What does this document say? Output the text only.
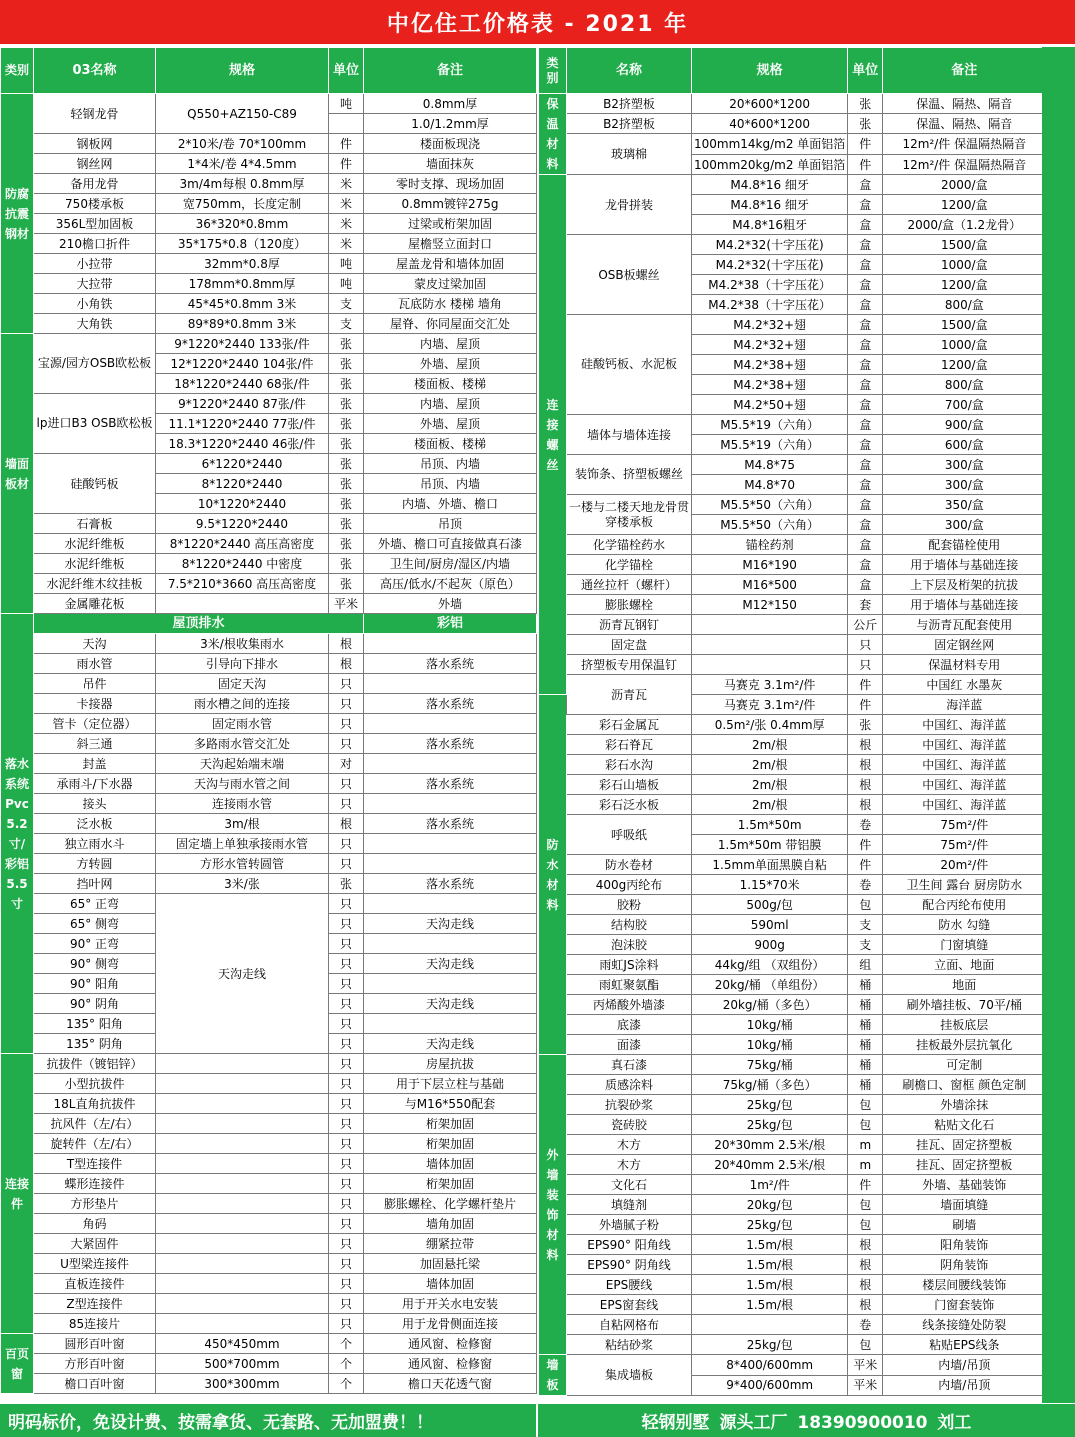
中亿住工价格表 - 2021 年
类别	03名称	规格	单位	备注
防腐抗震钢材	轻钢龙骨	Q550+AZ150-C89	吨	0.8mm厚
				1.0/1.2mm厚
	钢板网	2*10米/卷 70*100mm	件	楼面板现浇
	钢丝网	1*4米/卷 4*4.5mm	件	墙面抹灰
	备用龙骨	3m/4m每根 0.8mm厚	米	零时支撑、现场加固
	750楼承板	宽750mm，长度定制	米	0.8mm镀锌275g
	356L型加固板	36*320*0.8mm	米	过梁或桁架加固
	210檐口折件	35*175*0.8（120度）	米	屋檐竖立面封口
	小拉带	32mm*0.8厚	吨	屋盖龙骨和墙体加固
	大拉带	178mm*0.8mm厚	吨	蒙皮过梁加固
	小角铁	45*45*0.8mm 3米	支	瓦底防水 楼梯 墙角
	大角铁	89*89*0.8mm 3米	支	屋脊、你同屋面交汇处
墙面板材	宝源/园方OSB欧松板	9*1220*2440 133张/件	张	内墙、屋顶
		12*1220*2440 104张/件	张	外墙、屋顶
		18*1220*2440 68张/件	张	楼面板、楼梯
	lp进口B3 OSB欧松板	9*1220*2440 87张/件	张	内墙、屋顶
		11.1*1220*2440 77张/件	张	外墙、屋顶
		18.3*1220*2440 46张/件	张	楼面板、楼梯
	硅酸钙板	6*1220*2440	张	吊顶、内墙
		8*1220*2440	张	吊顶、内墙
		10*1220*2440	张	内墙、外墙、檐口
	石膏板	9.5*1220*2440	张	吊顶
	水泥纤维板	8*1220*2440 高压高密度	张	外墙、檐口可直接做真石漆
	水泥纤维板	8*1220*2440 中密度	张	卫生间/厨房/湿区/内墙
	水泥纤维木纹挂板	7.5*210*3660 高压高密度	张	高压/低水/不起灰（原色）
	金属雕花板		平米	外墙
落水系统Pvc5.2寸/彩铝5.5寸	屋顶排水			彩铝
	天沟	3米/根收集雨水	根	
	雨水管	引导向下排水	根	落水系统
	吊件	固定天沟	只	
	卡接器	雨水槽之间的连接	只	落水系统
	管卡（定位器）	固定雨水管	只	
	斜三通	多路雨水管交汇处	只	落水系统
	封盖	天沟起始端末端	对	
	承雨斗/下水器	天沟与雨水管之间	只	落水系统
	接头	连接雨水管	只	
	泛水板	3m/根	根	落水系统
	独立雨水斗	固定墙上单独承接雨水管	只	
	方转圆	方形水管转圆管	只	
	挡叶网	3米/张	张	落水系统
	65° 正弯	天沟走线	只	
	65° 侧弯		只	天沟走线
	90° 正弯		只	
	90° 侧弯		只	天沟走线
	90° 阳角		只	
	90° 阴角		只	天沟走线
	135° 阳角		只	
	135° 阴角		只	天沟走线
连接件	抗拔件（镀铝锌）		只	房屋抗拔
	小型抗拔件		只	用于下层立柱与基础
	18L直角抗拔件		只	与M16*550配套
	抗风件（左/右）		只	桁架加固
	旋转件（左/右）		只	桁架加固
	T型连接件		只	墙体加固
	蝶形连接件		只	桁架加固
	方形垫片		只	膨胀螺栓、化学螺杆垫片
	角码		只	墙角加固
	大紧固件		只	绷紧拉带
	U型梁连接件		只	加固悬托梁
	直板连接件		只	墙体加固
	Z型连接件		只	用于开关水电安装
	85连接片		只	用于龙骨侧面连接
百页窗	圆形百叶窗	450*450mm	个	通风窗、检修窗
	方形百叶窗	500*700mm	个	通风窗、检修窗
	檐口百叶窗	300*300mm	个	檐口天花透气窗
类别	名称	规格	单位	备注
保温材料	B2挤塑板	20*600*1200	张	保温、隔热、隔音
	B2挤塑板	40*600*1200	张	保温、隔热、隔音
	玻璃棉	100mm14kg/m2 单面铝箔	件	12m²/件 保温隔热隔音
		100mm20kg/m2 单面铝箔	件	12m²/件 保温隔热隔音
连接螺丝	龙骨拼装	M4.8*16 细牙	盒	2000/盒
		M4.8*16 细牙	盒	1200/盒
		M4.8*16粗牙	盒	2000/盒（1.2龙骨）
	OSB板螺丝	M4.2*32(十字压花)	盒	1500/盒
		M4.2*32(十字压花)	盒	1000/盒
		M4.2*38（十字压花）	盒	1200/盒
		M4.2*38（十字压花）	盒	800/盒
	硅酸钙板、水泥板	M4.2*32+翅	盒	1500/盒
		M4.2*32+翅	盒	1000/盒
		M4.2*38+翅	盒	1200/盒
		M4.2*38+翅	盒	800/盒
		M4.2*50+翅	盒	700/盒
	墙体与墙体连接	M5.5*19（六角）	盒	900/盒
		M5.5*19（六角）	盒	600/盒
	装饰条、挤塑板螺丝	M4.8*75	盒	300/盒
		M4.8*70	盒	300/盒
	一楼与二楼天地龙骨贯穿楼承板	M5.5*50（六角）	盒	350/盒
		M5.5*50（六角）	盒	300/盒
	化学锚栓药水	锚栓药剂	盒	配套锚栓使用
	化学锚栓	M16*190	盒	用于墙体与基础连接
	通丝拉杆（螺杆）	M16*500	盒	上下层及桁架的抗拔
	膨胀螺栓	M12*150	套	用于墙体与基础连接
	沥青瓦钢钉		公斤	与沥青瓦配套使用
	固定盘		只	固定钢丝网
	挤塑板专用保温钉		只	保温材料专用
	沥青瓦	马赛克 3.1m²/件	件	中国红 水墨灰
防水材料		马赛克 3.1m²/件	件	海洋蓝
	彩石金属瓦	0.5m²/张 0.4mm厚	张	中国红、海洋蓝
	彩石脊瓦	2m/根	根	中国红、海洋蓝
	彩石水沟	2m/根	根	中国红、海洋蓝
	彩石山墙板	2m/根	根	中国红、海洋蓝
	彩石泛水板	2m/根	根	中国红、海洋蓝
	呼吸纸	1.5m*50m	卷	75m²/件
		1.5m*50m 带铝膜	件	75m²/件
	防水卷材	1.5mm单面黑膜自粘	件	20m²/件
	400g丙纶布	1.15*70米	卷	卫生间 露台 厨房防水
	胶粉	500g/包	包	配合丙纶布使用
	结构胶	590ml	支	防水 勾缝
	泡沫胶	900g	支	门窗填缝
	雨虹JS涂料	44kg/组 （双组份）	组	立面、地面
	雨虹聚氨酯	20kg/桶 （单组份）	桶	地面
	丙烯酸外墙漆	20kg/桶（多色）	桶	刷外墙挂板、70平/桶
	底漆	10kg/桶	桶	挂板底层
	面漆	10kg/桶	桶	挂板最外层抗氧化
外墙装饰材料	真石漆	75kg/桶	桶	可定制
	质感涂料	75kg/桶（多色）	桶	刷檐口、窗框 颜色定制
	抗裂砂浆	25kg/包	包	外墙涂抹
	瓷砖胶	25kg/包	包	粘贴文化石
	木方	20*30mm 2.5米/根	m	挂瓦、固定挤塑板
	木方	20*40mm 2.5米/根	m	挂瓦、固定挤塑板
	文化石	1m²/件	件	外墙、基础装饰
	填缝剂	20kg/包	包	墙面填缝
	外墙腻子粉	25kg/包	包	刷墙
	EPS90° 阳角线	1.5m/根	根	阳角装饰
	EPS90° 阴角线	1.5m/根	根	阴角装饰
	EPS腰线	1.5m/根	根	楼层间腰线装饰
	EPS窗套线	1.5m/根	根	门窗套装饰
	自粘网格布		卷	线条接缝处防裂
	粘结砂浆	25kg/包	包	粘贴EPS线条
墙板	集成墙板	8*400/600mm	平米	内墙/吊顶
		9*400/600mm	平米	内墙/吊顶
明码标价，免设计费、按需拿货、无套路、无加盟费！！	轻钢别墅 源头工厂 18390900010 刘工
